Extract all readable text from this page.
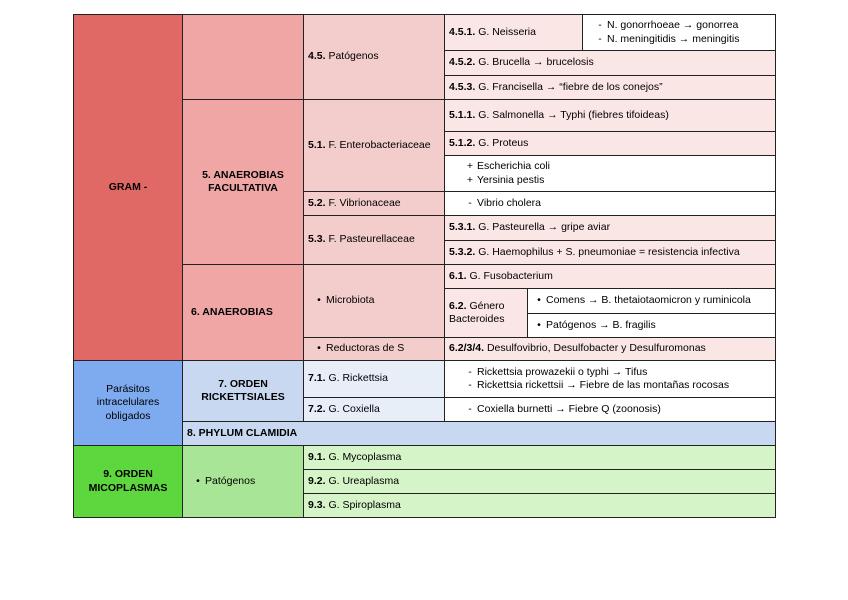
GRAM -
Parásitos intracelulares obligados
9. ORDEN MICOPLASMAS
5. ANAEROBIAS FACULTATIVA
6. ANAEROBIAS
7. ORDEN RICKETTSIALES
8. PHYLUM CLAMIDIA
• Patógenos
4.5.
Patógenos
5.1.
F. Enterobacteriaceae
5.2.
F. Vibrionaceae
5.3.
F. Pasteurellaceae
• Microbiota
• Reductoras de S
7.1.
G. Rickettsia
7.2.
G. Coxiella
9.1.
G. Mycoplasma
9.2.
G. Ureaplasma
9.3.
G. Spiroplasma
4.5.1.
G. Neisseria
- N. gonorrhoeae → gonorrea
- N. meningitidis → meningitis
4.5.2.
G. Brucella → brucelosis
4.5.3.
G. Francisella → “fiebre de los conejos”
5.1.1.
G. Salmonella → Typhi (fiebres tifoideas)
5.1.2.
G. Proteus
+ Escherichia coli
+ Yersinia pestis
- Vibrio cholera
5.3.1.
G. Pasteurella → gripe aviar
5.3.2.
G. Haemophilus + S. pneumoniae = resistencia infectiva
6.1.
G. Fusobacterium
6.2. Género Bacteroides
• Comens → B. thetaiotaomicron y ruminicola
• Patógenos → B. fragilis
6.2/3/4.
Desulfovibrio, Desulfobacter y Desulfuromonas
- Rickettsia prowazekii o typhi → Tifus
- Rickettsia rickettsii → Fiebre de las montañas rocosas
- Coxiella burnetti → Fiebre Q (zoonosis)
